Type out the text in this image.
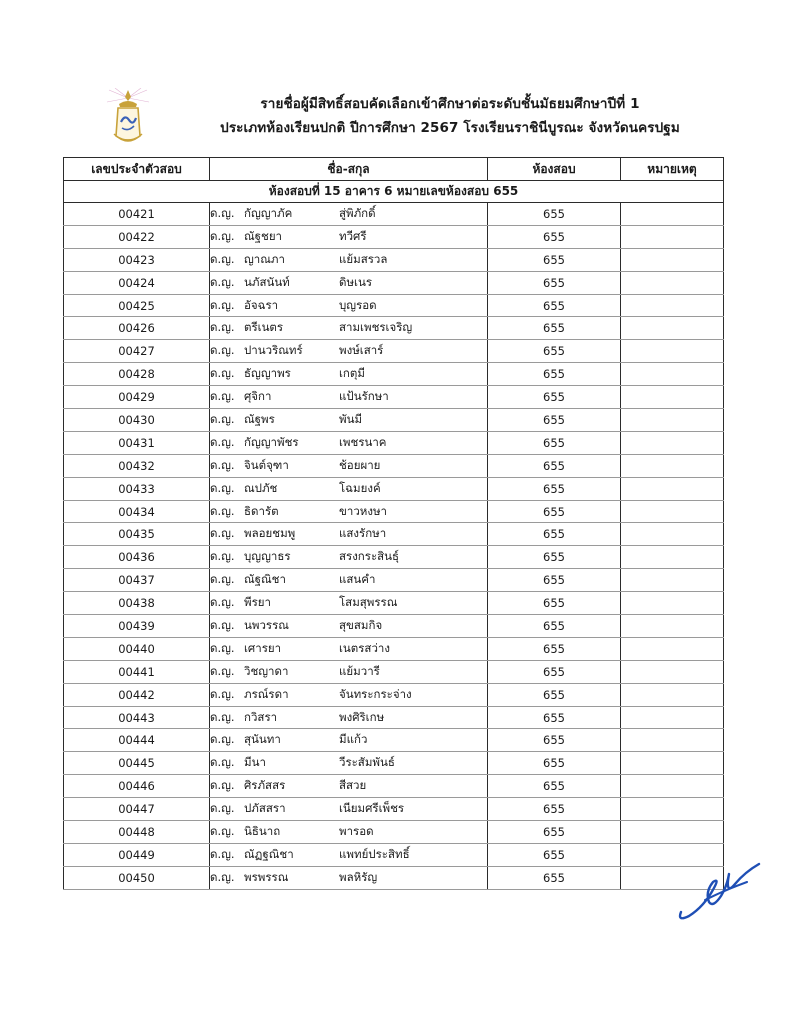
รายชื่อผู้มีสิทธิ์สอบคัดเลือกเข้าศึกษาต่อระดับชั้นมัธยมศึกษาปีที่ 1
ประเภทห้องเรียนปกติ ปีการศึกษา 2567 โรงเรียนราชินีบูรณะ จังหวัดนครปฐม
เลขประจำตัวสอบ	ชื่อ-สกุล	ห้องสอบ	หมายเหตุ
ห้องสอบที่ 15 อาคาร 6 หมายเลขห้องสอบ 655			
00421	ด.ญ. กัญญาภัค สู่พิภักดิ์	655	
00422	ด.ญ. ณัฐชยา ทวีศรี	655	
00423	ด.ญ. ญาณภา แย้มสรวล	655	
00424	ด.ญ. นภัสนันท์ ดิษเนร	655	
00425	ด.ญ. อัจฉรา บุญรอด	655	
00426	ด.ญ. ตรีเนตร สามเพชรเจริญ	655	
00427	ด.ญ. ปานวริณทร์ พงษ์เสาร์	655	
00428	ด.ญ. ธัญญาพร เกตุมี	655	
00429	ด.ญ. ศุจิกา แป้นรักษา	655	
00430	ด.ญ. ณัฐพร พันมี	655	
00431	ด.ญ. กัญญาพัชร เพชรนาค	655	
00432	ด.ญ. จินต์จุฑา ช้อยผาย	655	
00433	ด.ญ. ณปภัช โฉมยงค์	655	
00434	ด.ญ. ธิดารัต ขาวหงษา	655	
00435	ด.ญ. พลอยชมพู แสงรักษา	655	
00436	ด.ญ. บุญญาธร สรงกระสินธุ์	655	
00437	ด.ญ. ณัฐณิชา แสนคำ	655	
00438	ด.ญ. พีรยา โสมสุพรรณ	655	
00439	ด.ญ. นพวรรณ สุขสมกิจ	655	
00440	ด.ญ. เศารยา เนตรสว่าง	655	
00441	ด.ญ. วิชญาดา แย้มวารี	655	
00442	ด.ญ. ภรณ์รดา จันทระกระจ่าง	655	
00443	ด.ญ. กวิสรา พงศิริเกษ	655	
00444	ด.ญ. สุนันทา มีแก้ว	655	
00445	ด.ญ. มีนา วีระสัมพันธ์	655	
00446	ด.ญ. ศิรภัสสร สีสวย	655	
00447	ด.ญ. ปภัสสรา เนียมศรีเพ็ชร	655	
00448	ด.ญ. นิธินาถ พารอด	655	
00449	ด.ญ. ณัฏฐณิชา แพทย์ประสิทธิ์	655	
00450	ด.ญ. พรพรรณ พลหิรัญ	655	
